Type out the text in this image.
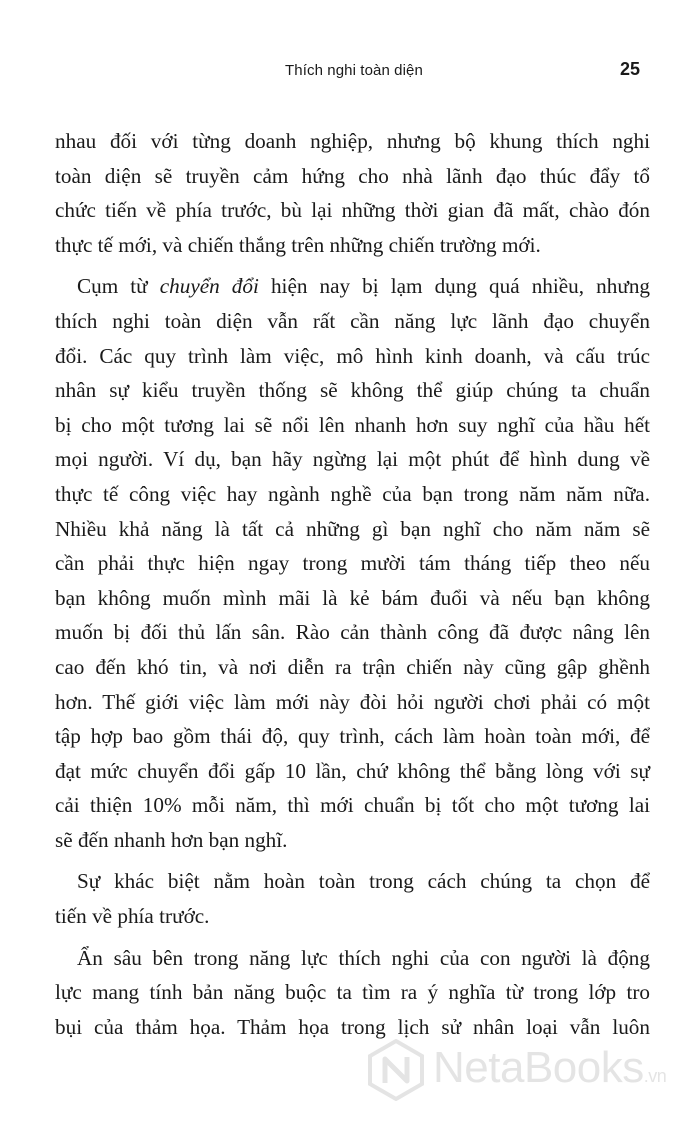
Thích nghi toàn diện	25

nhau đối với từng doanh nghiệp, nhưng bộ khung thích nghi
toàn diện sẽ truyền cảm hứng cho nhà lãnh đạo thúc đẩy tổ
chức tiến về phía trước, bù lại những thời gian đã mất, chào đón
thực tế mới, và chiến thắng trên những chiến trường mới.

Cụm từ chuyển đổi hiện nay bị lạm dụng quá nhiều, nhưng
thích nghi toàn diện vẫn rất cần năng lực lãnh đạo chuyển
đổi. Các quy trình làm việc, mô hình kinh doanh, và cấu trúc
nhân sự kiểu truyền thống sẽ không thể giúp chúng ta chuẩn
bị cho một tương lai sẽ nổi lên nhanh hơn suy nghĩ của hầu hết
mọi người. Ví dụ, bạn hãy ngừng lại một phút để hình dung về
thực tế công việc hay ngành nghề của bạn trong năm năm nữa.
Nhiều khả năng là tất cả những gì bạn nghĩ cho năm năm sẽ
cần phải thực hiện ngay trong mười tám tháng tiếp theo nếu
bạn không muốn mình mãi là kẻ bám đuổi và nếu bạn không
muốn bị đối thủ lấn sân. Rào cản thành công đã được nâng lên
cao đến khó tin, và nơi diễn ra trận chiến này cũng gập ghềnh
hơn. Thế giới việc làm mới này đòi hỏi người chơi phải có một
tập hợp bao gồm thái độ, quy trình, cách làm hoàn toàn mới, để
đạt mức chuyển đổi gấp 10 lần, chứ không thể bằng lòng với sự
cải thiện 10% mỗi năm, thì mới chuẩn bị tốt cho một tương lai
sẽ đến nhanh hơn bạn nghĩ.

Sự khác biệt nằm hoàn toàn trong cách chúng ta chọn để
tiến về phía trước.

Ẩn sâu bên trong năng lực thích nghi của con người là động
lực mang tính bản năng buộc ta tìm ra ý nghĩa từ trong lớp tro
bụi của thảm họa. Thảm họa trong lịch sử nhân loại vẫn luôn

NetaBooks.vn
